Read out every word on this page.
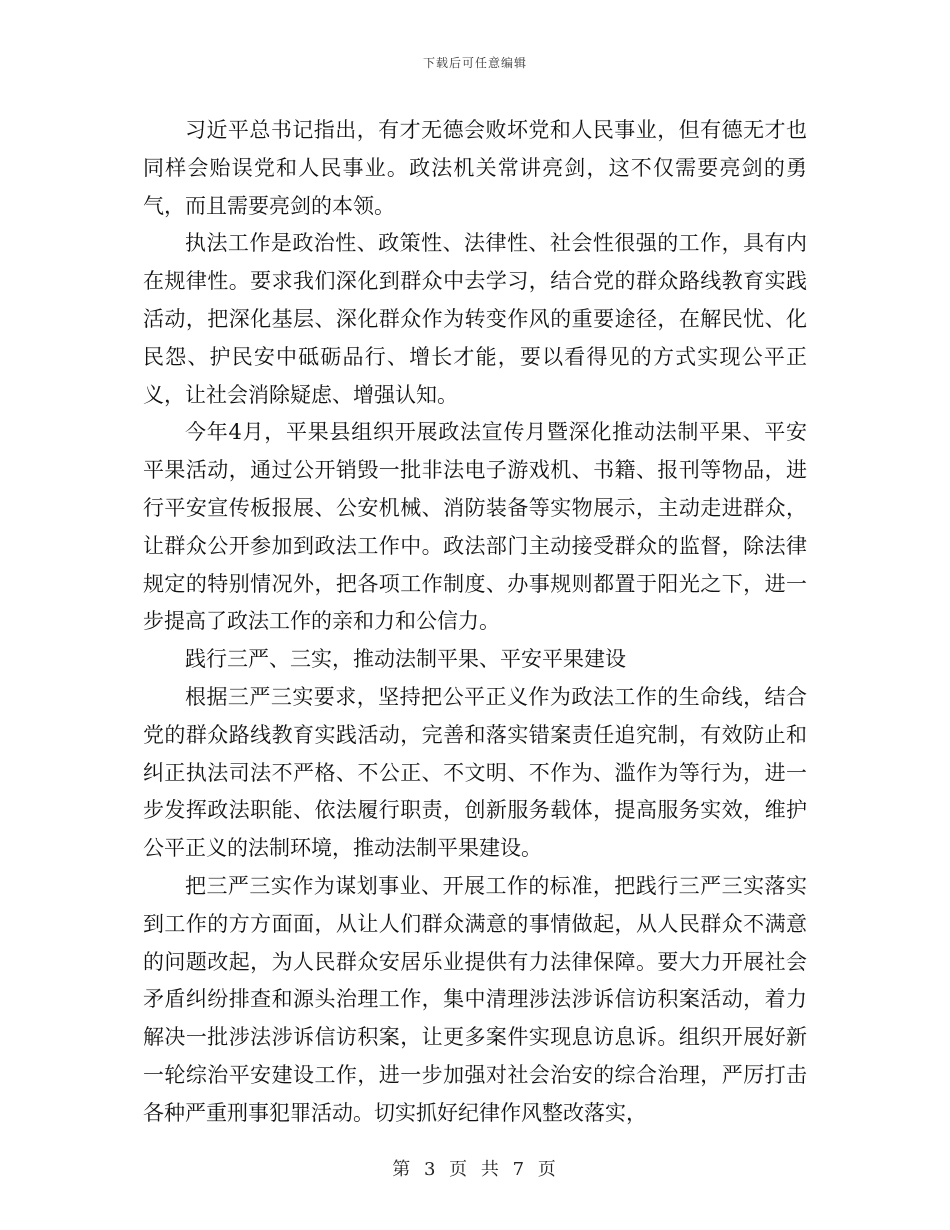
下载后可任意编辑

习近平总书记指出，有才无德会败坏党和人民事业，但有德无才也同样会贻误党和人民事业。政法机关常讲亮剑，这不仅需要亮剑的勇气，而且需要亮剑的本领。

执法工作是政治性、政策性、法律性、社会性很强的工作，具有内在规律性。要求我们深化到群众中去学习，结合党的群众路线教育实践活动，把深化基层、深化群众作为转变作风的重要途径，在解民忧、化民怨、护民安中砥砺品行、增长才能，要以看得见的方式实现公平正义，让社会消除疑虑、增强认知。

今年4月，平果县组织开展政法宣传月暨深化推动法制平果、平安平果活动，通过公开销毁一批非法电子游戏机、书籍、报刊等物品，进行平安宣传板报展、公安机械、消防装备等实物展示，主动走进群众，让群众公开参加到政法工作中。政法部门主动接受群众的监督，除法律规定的特别情况外，把各项工作制度、办事规则都置于阳光之下，进一步提高了政法工作的亲和力和公信力。

践行三严、三实，推动法制平果、平安平果建设

根据三严三实要求，坚持把公平正义作为政法工作的生命线，结合党的群众路线教育实践活动，完善和落实错案责任追究制，有效防止和纠正执法司法不严格、不公正、不文明、不作为、滥作为等行为，进一步发挥政法职能、依法履行职责，创新服务载体，提高服务实效，维护公平正义的法制环境，推动法制平果建设。

把三严三实作为谋划事业、开展工作的标准，把践行三严三实落实到工作的方方面面，从让人们群众满意的事情做起，从人民群众不满意的问题改起，为人民群众安居乐业提供有力法律保障。要大力开展社会矛盾纠纷排查和源头治理工作，集中清理涉法涉诉信访积案活动，着力解决一批涉法涉诉信访积案，让更多案件实现息访息诉。组织开展好新一轮综治平安建设工作，进一步加强对社会治安的综合治理，严厉打击各种严重刑事犯罪活动。切实抓好纪律作风整改落实，

第 3 页 共 7 页
